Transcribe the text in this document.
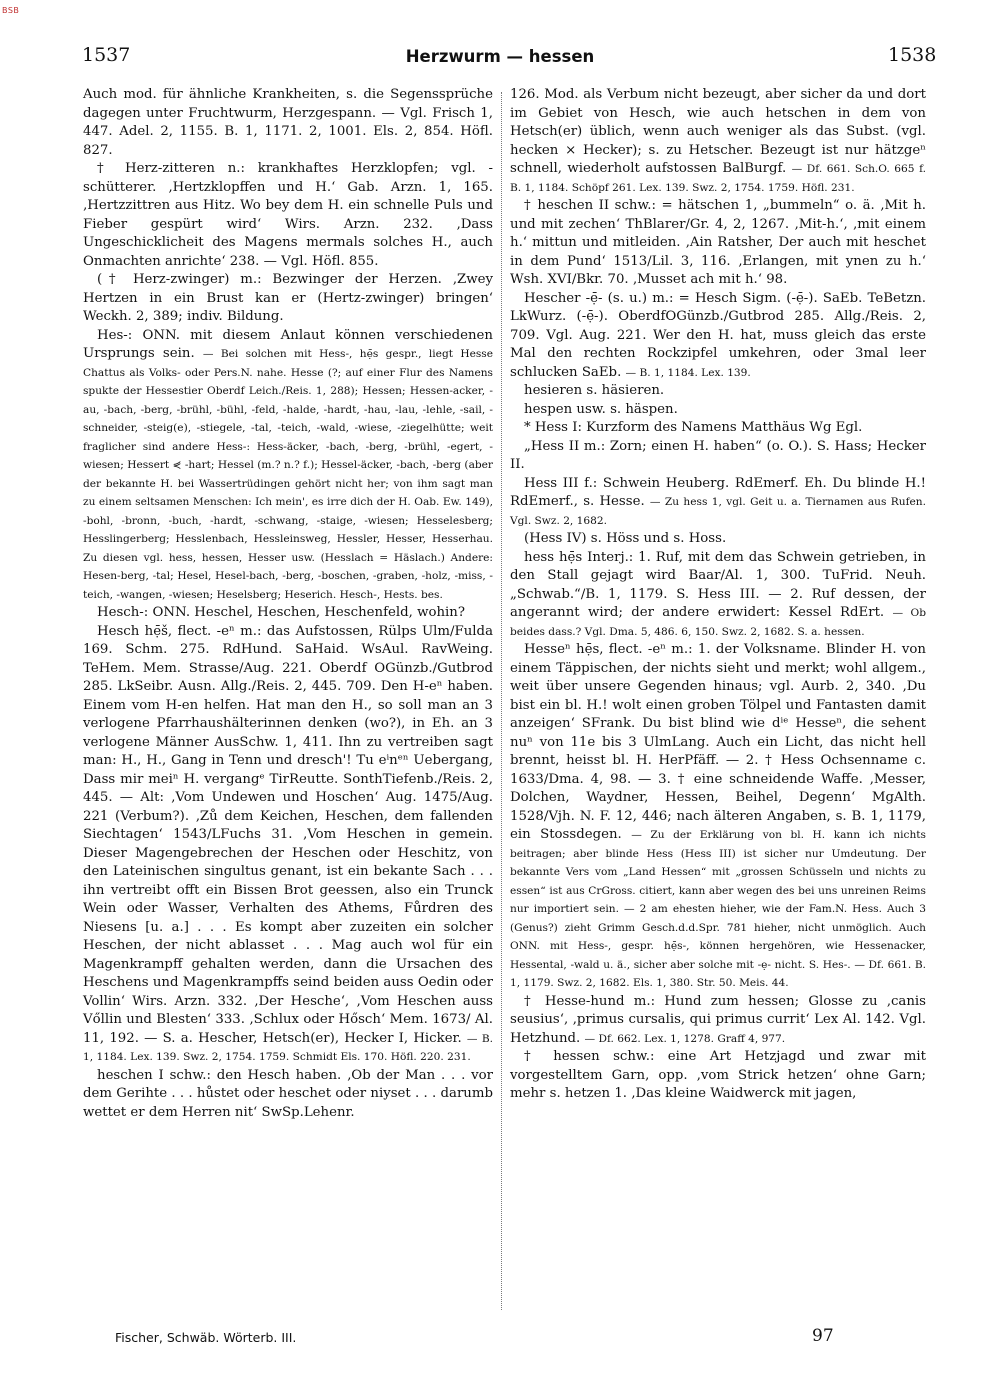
BSB
1537	Herzwurm — hessen	1538

Auch mod. für ähnliche Krankheiten, s. die Segenssprüche dagegen unter Fruchtwurm, Herzgespann. — Vgl. Frisch 1, 447. Adel. 2, 1155. B. 1, 1171. 2, 1001. Els. 2, 854. Höfl. 827.

† Herz-zitteren n.: krankhaftes Herzklopfen; vgl. -schütterer. ‚Hertzklopffen und H.‘ Gab. Arzn. 1, 165. ‚Hertzzittren aus Hitz. Wo bey dem H. ein schnelle Puls und Fieber gespürt wird‘ Wirs. Arzn. 232. ‚Dass Ungeschicklicheit des Magens mermals solches H., auch Onmachten anrichte‘ 238. — Vgl. Höfl. 855.

(† Herz-zwinger) m.: Bezwinger der Herzen. ‚Zwey Hertzen in ein Brust kan er (Hertz-zwinger) bringen‘ Weckh. 2, 389; indiv. Bildung.

Hes-: ONN. mit diesem Anlaut können verschiedenen Ursprungs sein. — Bei solchen mit Hess-, hẹ̄s gespr., liegt Hesse Chattus als Volks- oder Pers.N. nahe. Hesse (?; auf einer Flur des Namens spukte der Hessestier Oberdf Leich./Reis. 1, 288); Hessen; Hessen-acker, -au, -bach, -berg, -brühl, -bühl, -feld, -halde, -hardt, -hau, -lau, -lehle, -sail, -schneider, -steig(e), -stiegele, -tal, -teich, -wald, -wiese, -ziegelhütte; weit fraglicher sind andere Hess-: Hess-äcker, -bach, -berg, -brühl, -egert, -wiesen; Hessert ⋞ -hart; Hessel (m.? n.? f.); Hessel-äcker, -bach, -berg (aber der bekannte H. bei Wassertrüdingen gehört nicht her; von ihm sagt man zu einem seltsamen Menschen: Ich mein', es irre dich der H. Oab. Ew. 149), -bohl, -bronn, -buch, -hardt, -schwang, -staige, -wiesen; Hesselesberg; Hesslingerberg; Hesslenbach, Hessleinsweg, Hessler, Hesser, Hesserhau. Zu diesen vgl. hess, hessen, Hesser usw. (Hesslach = Häslach.) Andere: Hesen-berg, -tal; Hesel, Hesel-bach, -berg, -boschen, -graben, -holz, -miss, -teich, -wangen, -wiesen; Heselsberg; Heserich. Hesch-, Hests. bes.

Hesch-: ONN. Heschel, Heschen, Heschenfeld, wohin?

Hesch hẹ̄š, flect. -eⁿ m.: das Aufstossen, Rülps Ulm/Fulda 169. Schm. 275. RdHund. SaHaid. WsAul. RavWeing. TeHem. Mem. Strasse/Aug. 221. Oberdf OGünzb./Gutbrod 285. LkSeibr. Ausn. Allg./Reis. 2, 445. 709. Den H-eⁿ haben. Einem vom H-en helfen. Hat man den H., so soll man an 3 verlogene Pfarrhaushälterinnen denken (wo?), in Eh. an 3 verlogene Männer AusSchw. 1, 411. Ihn zu vertreiben sagt man: H., H., Gang in Tenn und dresch'! Tu eⁱnᵉⁿ Uebergang, Dass mir meiⁿ H. vergangᵉ TirReutte. SonthTiefenb./Reis. 2, 445. — Alt: ‚Vom Undewen und Hoschen‘ Aug. 1475/Aug. 221 (Verbum?). ‚Zů dem Keichen, Heschen, dem fallenden Siechtagen‘ 1543/LFuchs 31. ‚Vom Heschen in gemein. Dieser Magengebrechen der Heschen oder Heschitz, von den Lateinischen singultus genant, ist ein bekante Sach . . . ihn vertreibt offt ein Bissen Brot geessen, also ein Trunck Wein oder Wasser, Verhalten des Athems, Fůrdren des Niesens [u. a.] . . . Es kompt aber zuzeiten ein solcher Heschen, der nicht ablasset . . . Mag auch wol für ein Magenkrampff gehalten werden, dann die Ursachen des Heschens und Magenkrampffs seind beiden auss Oedin oder Vollin‘ Wirs. Arzn. 332. ‚Der Hesche‘, ‚Vom Heschen auss Vőllin und Blesten‘ 333. ‚Schlux oder Hősch‘ Mem. 1673/ Al. 11, 192. — S. a. Hescher, Hetsch(er), Hecker I, Hicker. — B. 1, 1184. Lex. 139. Swz. 2, 1754. 1759. Schmidt Els. 170. Höfl. 220. 231.

heschen I schw.: den Hesch haben. ‚Ob der Man . . . vor dem Gerihte . . . hůstet oder heschet oder niyset . . . darumb wettet er dem Herren nit‘ SwSp.Lehenr.

126. Mod. als Verbum nicht bezeugt, aber sicher da und dort im Gebiet von Hesch, wie auch hetschen in dem von Hetsch(er) üblich, wenn auch weniger als das Subst. (vgl. hecken × Hecker); s. zu Hetscher. Bezeugt ist nur hätzgeⁿ schnell, wiederholt aufstossen BalBurgf. — Df. 661. Sch.O. 665 f. B. 1, 1184. Schöpf 261. Lex. 139. Swz. 2, 1754. 1759. Höfl. 231.

† heschen II schw.: = hätschen 1, „bummeln“ o. ä. ‚Mit h. und mit zechen‘ ThBlarer/Gr. 4, 2, 1267. ‚Mit-h.‘, ‚mit einem h.‘ mittun und mitleiden. ‚Ain Ratsher, Der auch mit heschet in dem Pund‘ 1513/Lil. 3, 116. ‚Erlangen, mit ynen zu h.‘ Wsh. XVI/Bkr. 70. ‚Musset ach mit h.‘ 98.

Hescher -ẹ̄- (s. u.) m.: = Hesch Sigm. (-ẹ̄-). SaEb. TeBetzn. LkWurz. (-ẹ̄-). OberdfOGünzb./Gutbrod 285. Allg./Reis. 2, 709. Vgl. Aug. 221. Wer den H. hat, muss gleich das erste Mal den rechten Rockzipfel umkehren, oder 3mal leer schlucken SaEb. — B. 1, 1184. Lex. 139.

hesieren s. häsieren.

hespen usw. s. häspen.

* Hess I: Kurzform des Namens Matthäus Wg Egl.

„Hess II m.: Zorn; einen H. haben“ (o. O.). S. Hass; Hecker II.

Hess III f.: Schwein Heuberg. RdEmerf. Eh. Du blinde H.! RdEmerf., s. Hesse. — Zu hess 1, vgl. Geit u. a. Tiernamen aus Rufen. Vgl. Swz. 2, 1682.

(Hess IV) s. Höss und s. Hoss.

hess hẹ̄s Interj.: 1. Ruf, mit dem das Schwein getrieben, in den Stall gejagt wird Baar/Al. 1, 300. TuFrid. Neuh. „Schwab.“/B. 1, 1179. S. Hess III. — 2. Ruf dessen, der angerannt wird; der andere erwidert: Kessel RdErt. — Ob beides dass.? Vgl. Dma. 5, 486. 6, 150. Swz. 2, 1682. S. a. hessen.

Hesseⁿ hẹ̄s, flect. -eⁿ m.: 1. der Volksname. Blinder H. von einem Täppischen, der nichts sieht und merkt; wohl allgem., weit über unsere Gegenden hinaus; vgl. Aurb. 2, 340. ‚Du bist ein bl. H.! wolt einen groben Tölpel und Fantasten damit anzeigen‘ SFrank. Du bist blind wie dⁱᵉ Hesseⁿ, die sehent nuⁿ von 11e bis 3 UlmLang. Auch ein Licht, das nicht hell brennt, heisst bl. H. HerPfäff. — 2. † Hess Ochsenname c. 1633/Dma. 4, 98. — 3. † eine schneidende Waffe. ‚Messer, Dolchen, Waydner, Hessen, Beihel, Degenn‘ MgAlth. 1528/Vjh. N. F. 12, 446; nach älteren Angaben, s. B. 1, 1179, ein Stossdegen. — Zu der Erklärung von bl. H. kann ich nichts beitragen; aber blinde Hess (Hess III) ist sicher nur Umdeutung. Der bekannte Vers vom „Land Hessen“ mit „grossen Schüsseln und nichts zu essen“ ist aus CrGross. citiert, kann aber wegen des bei uns unreinen Reims nur importiert sein. — 2 am ehesten hieher, wie der Fam.N. Hess. Auch 3 (Genus?) zieht Grimm Gesch.d.d.Spr. 781 hieher, nicht unmöglich. Auch ONN. mit Hess-, gespr. hẹ̄s-, können hergehören, wie Hessenacker, Hessental, -wald u. ä., sicher aber solche mit -ẹ- nicht. S. Hes-. — Df. 661. B. 1, 1179. Swz. 2, 1682. Els. 1, 380. Str. 50. Meis. 44.

† Hesse-hund m.: Hund zum hessen; Glosse zu ‚canis seusius‘, ‚primus cursalis, qui primus currit‘ Lex Al. 142. Vgl. Hetzhund. — Df. 662. Lex. 1, 1278. Graff 4, 977.

† hessen schw.: eine Art Hetzjagd und zwar mit vorgestelltem Garn, opp. ‚vom Strick hetzen‘ ohne Garn; mehr s. hetzen 1. ‚Das kleine Waidwerck mit jagen,

Fischer, Schwäb. Wörterb. III.	97
